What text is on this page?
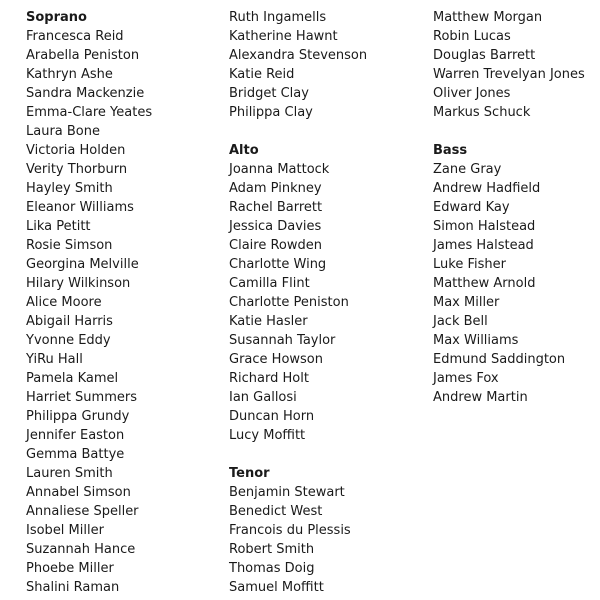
Soprano
Francesca Reid
Arabella Peniston
Kathryn Ashe
Sandra Mackenzie
Emma-Clare Yeates
Laura Bone
Victoria Holden
Verity Thorburn
Hayley Smith
Eleanor Williams
Lika Petitt
Rosie Simson
Georgina Melville
Hilary Wilkinson
Alice Moore
Abigail Harris
Yvonne Eddy
YiRu Hall
Pamela Kamel
Harriet Summers
Philippa Grundy
Jennifer Easton
Gemma Battye
Lauren Smith
Annabel Simson
Annaliese Speller
Isobel Miller
Suzannah Hance
Phoebe Miller
Shalini Raman
Ruth Ingamells
Katherine Hawnt
Alexandra Stevenson
Katie Reid
Bridget Clay
Philippa Clay
Alto
Joanna Mattock
Adam Pinkney
Rachel Barrett
Jessica Davies
Claire Rowden
Charlotte Wing
Camilla Flint
Charlotte Peniston
Katie Hasler
Susannah Taylor
Grace Howson
Richard Holt
Ian Gallosi
Duncan Horn
Lucy Moffitt
Tenor
Benjamin Stewart
Benedict West
Francois du Plessis
Robert Smith
Thomas Doig
Samuel Moffitt
Matthew Morgan
Robin Lucas
Douglas Barrett
Warren Trevelyan Jones
Oliver Jones
Markus Schuck
Bass
Zane Gray
Andrew Hadfield
Edward Kay
Simon Halstead
James Halstead
Luke Fisher
Matthew Arnold
Max Miller
Jack Bell
Max Williams
Edmund Saddington
James Fox
Andrew Martin
